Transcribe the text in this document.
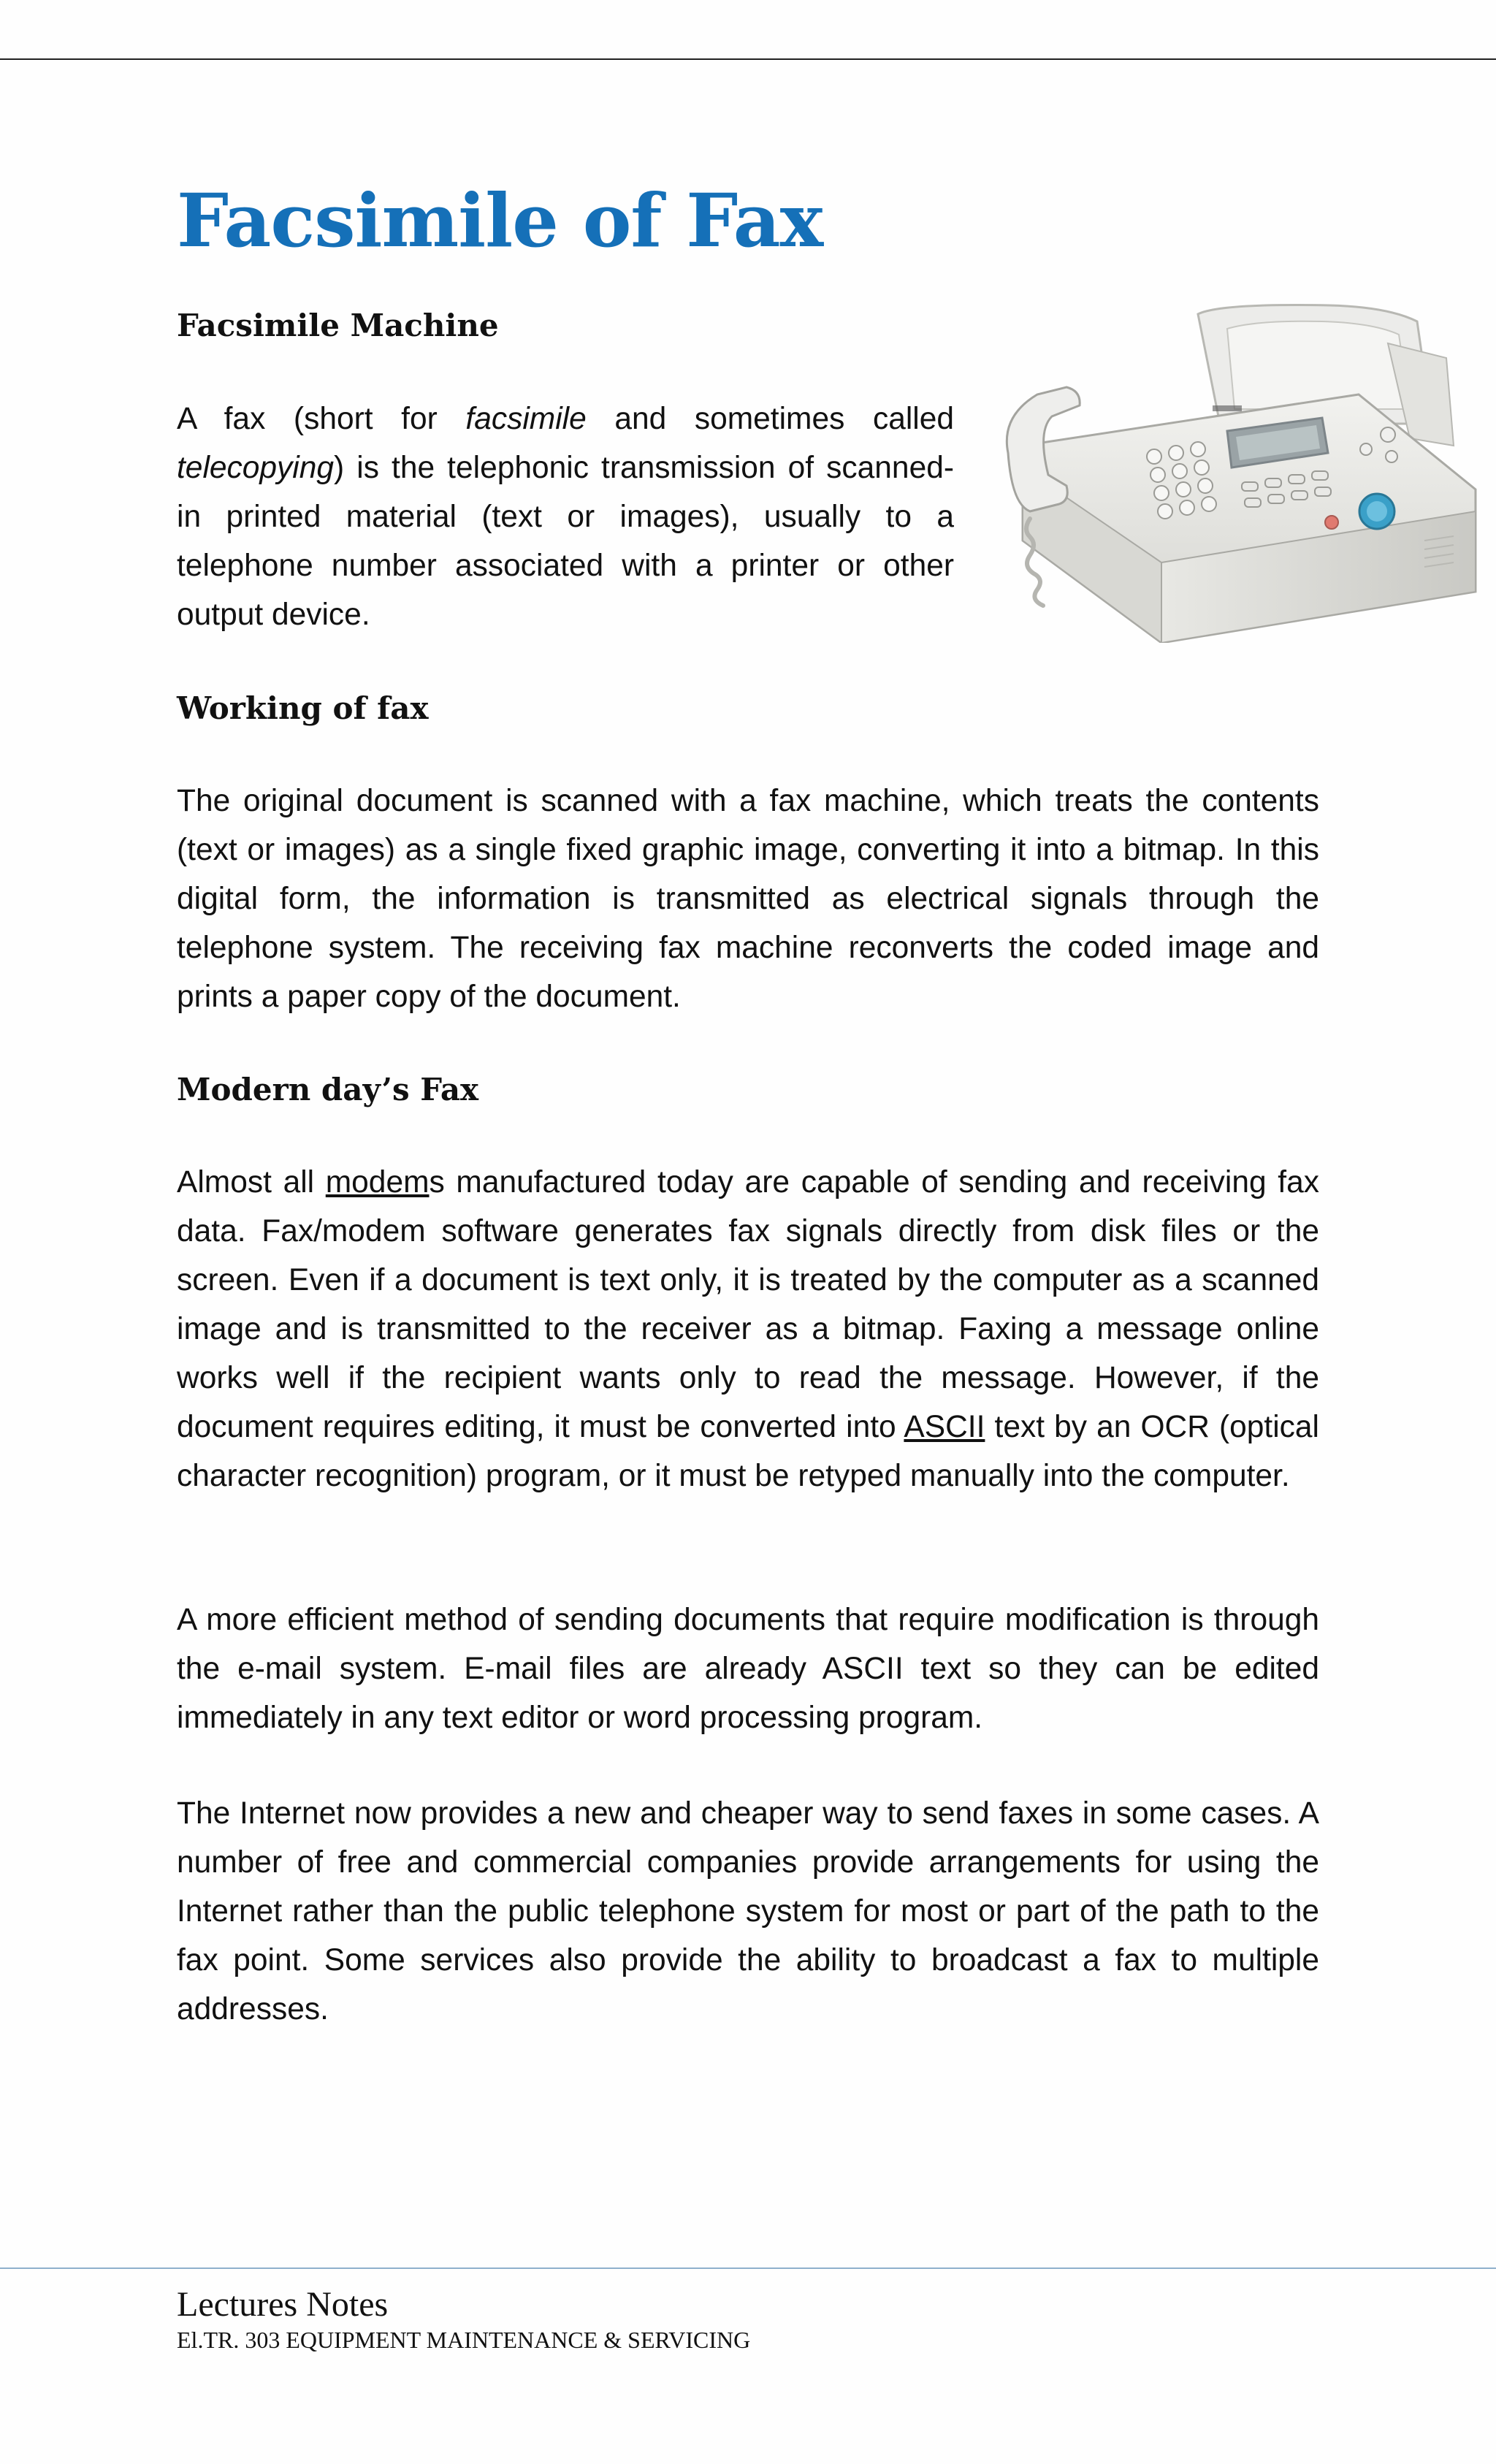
Facsimile of Fax
Facsimile Machine

A fax (short for facsimile and sometimes called telecopying) is the telephonic transmission of scanned-in printed material (text or images), usually to a telephone number associated with a printer or other output device.

Working of fax

The original document is scanned with a fax machine, which treats the contents (text or images) as a single fixed graphic image, converting it into a bitmap. In this digital form, the information is transmitted as electrical signals through the telephone system. The receiving fax machine reconverts the coded image and prints a paper copy of the document.

Modern day’s Fax

Almost all modems manufactured today are capable of sending and receiving fax data. Fax/modem software generates fax signals directly from disk files or the screen. Even if a document is text only, it is treated by the computer as a scanned image and is transmitted to the receiver as a bitmap. Faxing a message online works well if the recipient wants only to read the message. However, if the document requires editing, it must be converted into ASCII text by an OCR (optical character recognition) program, or it must be retyped manually into the computer.

A more efficient method of sending documents that require modification is through the e-mail system. E-mail files are already ASCII text so they can be edited immediately in any text editor or word processing program.

The Internet now provides a new and cheaper way to send faxes in some cases. A number of free and commercial companies provide arrangements for using the Internet rather than the public telephone system for most or part of the path to the fax point. Some services also provide the ability to broadcast a fax to multiple addresses.

Lectures Notes
El.TR. 303 EQUIPMENT MAINTENANCE & SERVICING
